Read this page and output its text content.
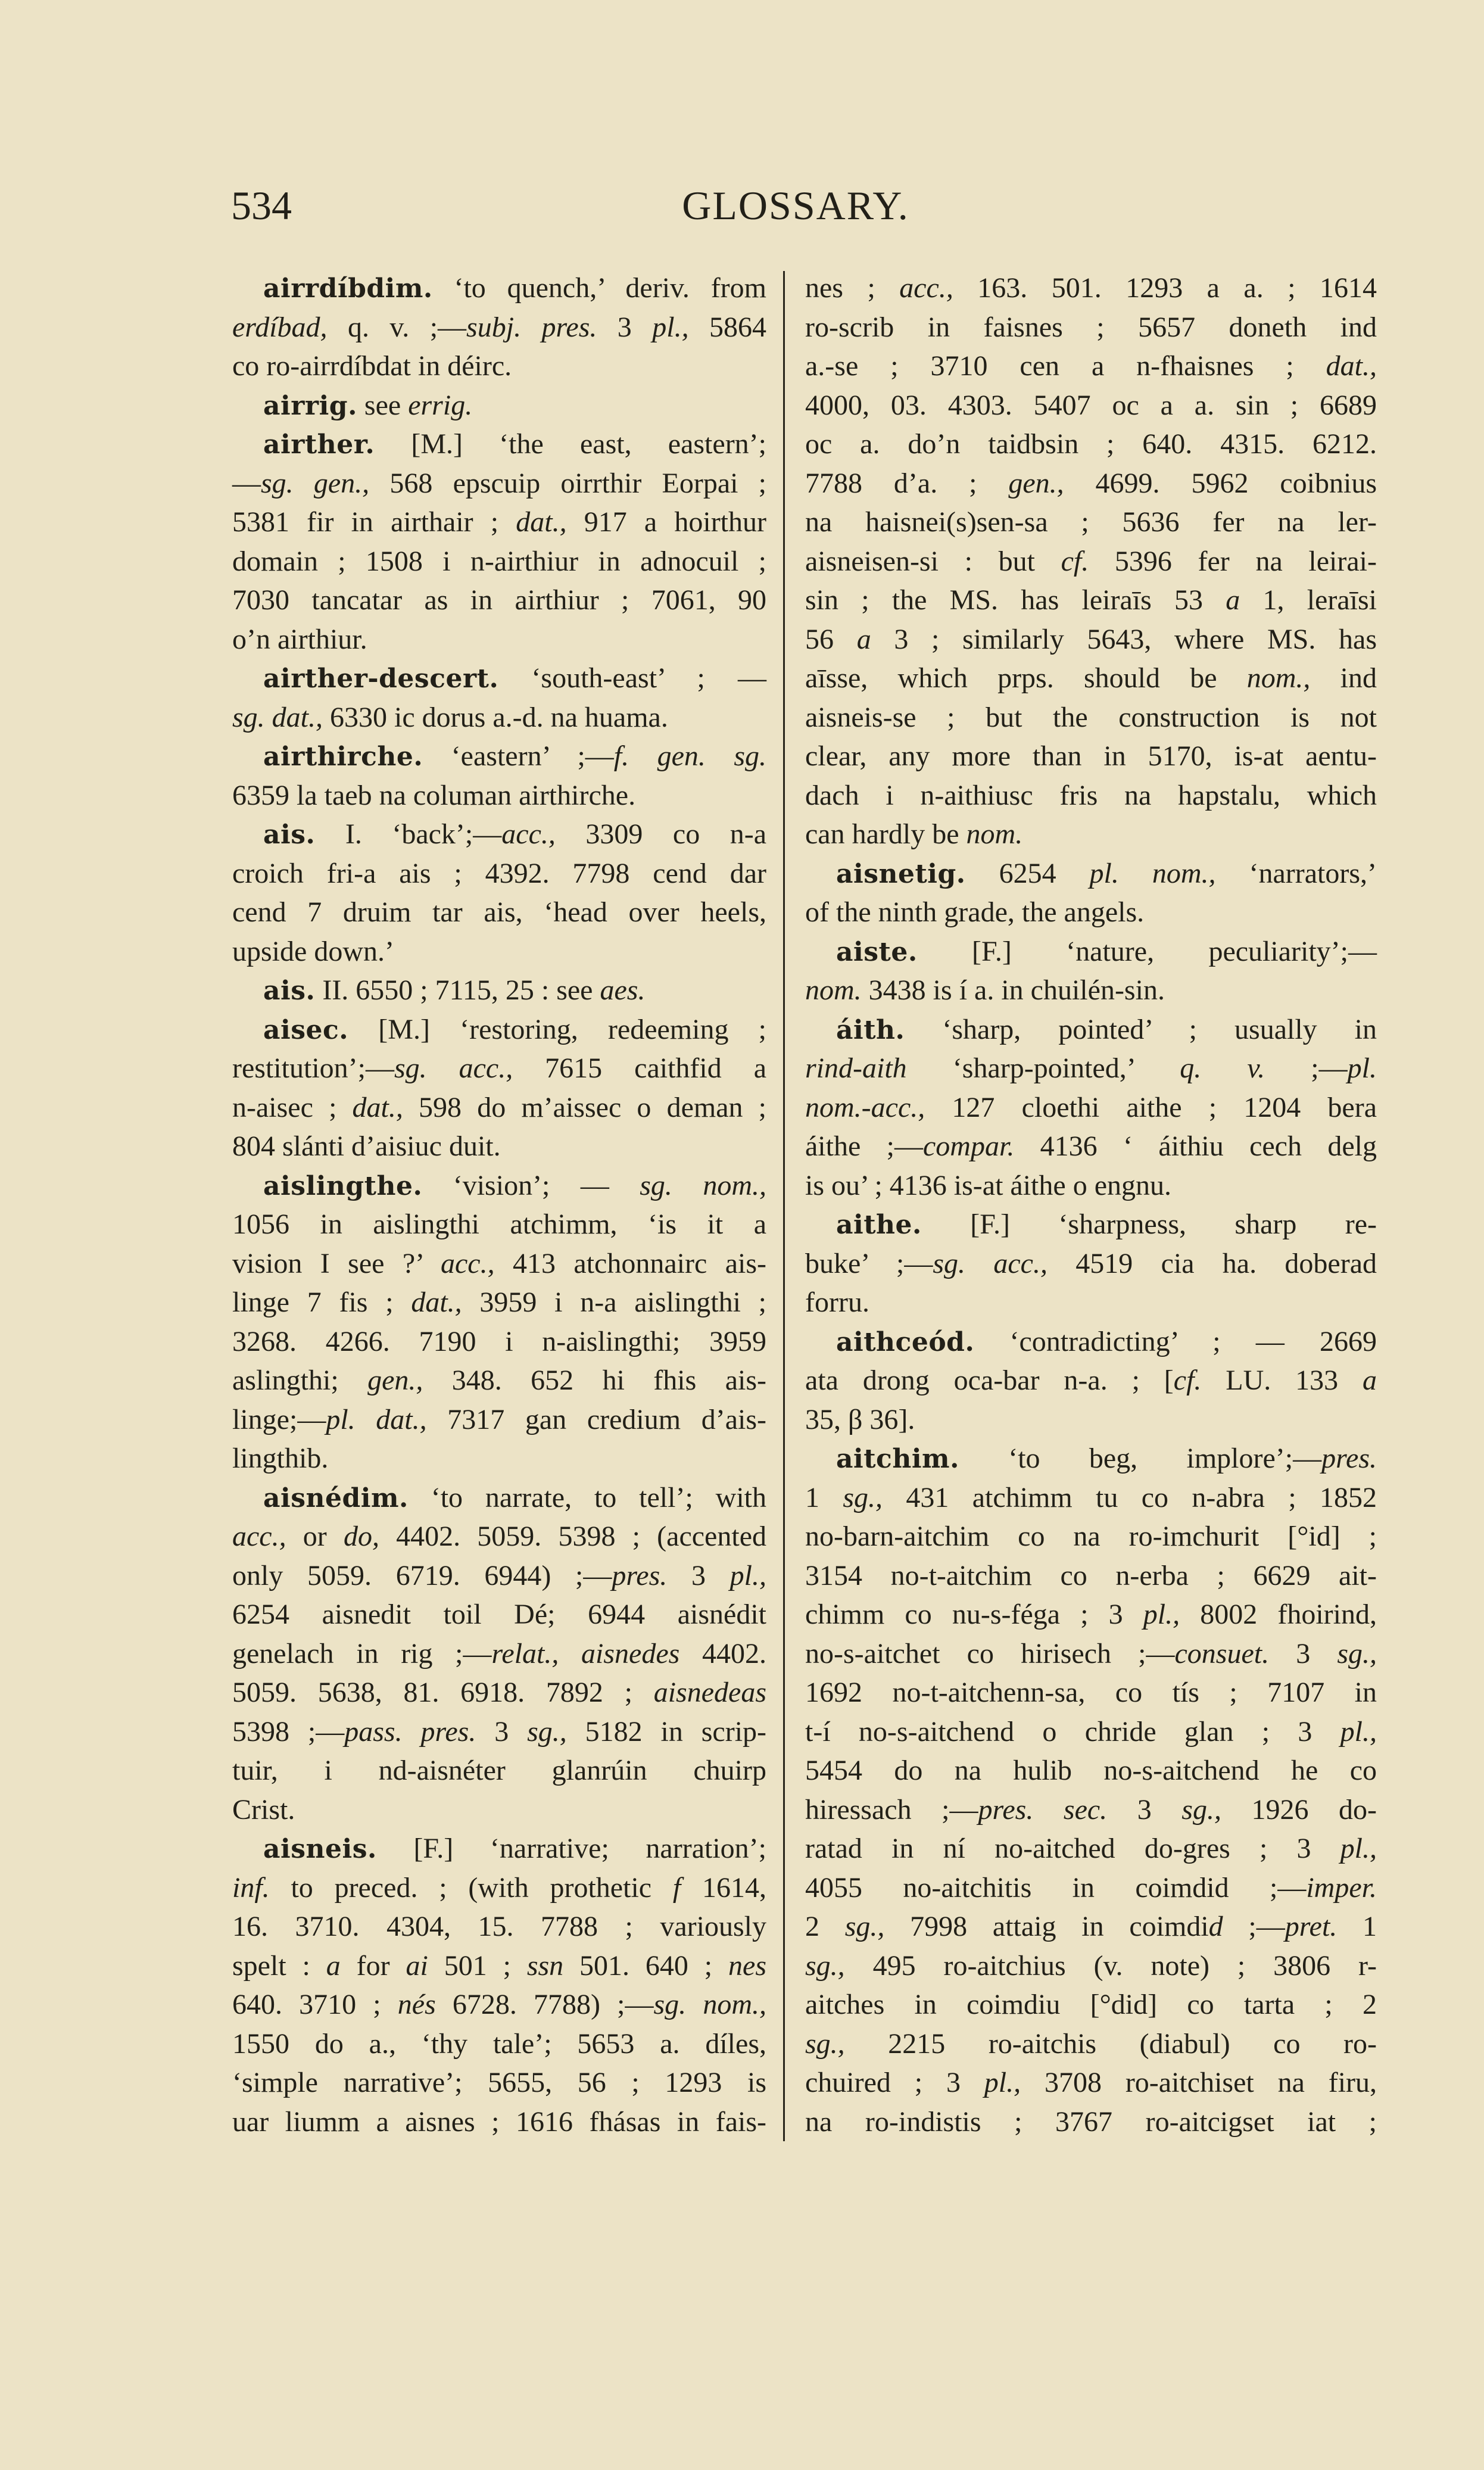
534	GLOSSARY.
airrdíbdim. ‘to quench,’ deriv. from
erdíbad, q. v. ;—subj. pres. 3 pl., 5864
co ro-airrdíbdat in déirc.
airrig. see errig.
airther. [M.] ‘the east, eastern’;
—sg. gen., 568 epscuip oirrthir Eorpai ;
5381 fir in airthair ; dat., 917 a hoirthur
domain ; 1508 i n-airthiur in adnocuil ;
7030 tancatar as in airthiur ; 7061, 90
o’n airthiur.
airther-descert. ‘south-east’ ; —
sg. dat., 6330 ic dorus a.-d. na huama.
airthirche. ‘eastern’ ;—f. gen. sg.
6359 la taeb na columan airthirche.
ais. I. ‘back’;—acc., 3309 co n-a
croich fri-a ais ; 4392. 7798 cend dar
cend 7 druim tar ais, ‘head over heels,
upside down.’
ais. II. 6550 ; 7115, 25 : see aes.
aisec. [M.] ‘restoring, redeeming ;
restitution’;—sg. acc., 7615 caithfid a
n-aisec ; dat., 598 do m’aissec o deman ;
804 slánti d’aisiuc duit.
aislingthe. ‘vision’; — sg. nom.,
1056 in aislingthi atchimm, ‘is it a
vision I see ?’ acc., 413 atchonnairc ais-
linge 7 fis ; dat., 3959 i n-a aislingthi ;
3268. 4266. 7190 i n-aislingthi; 3959
aslingthi; gen., 348. 652 hi fhis ais-
linge;—pl. dat., 7317 gan credium d’ais-
lingthib.
aisnédim. ‘to narrate, to tell’; with
acc., or do, 4402. 5059. 5398 ; (accented
only 5059. 6719. 6944) ;—pres. 3 pl.,
6254 aisnedit toil Dé; 6944 aisnédit
genelach in rig ;—relat., aisnedes 4402.
5059. 5638, 81. 6918. 7892 ; aisnedeas
5398 ;—pass. pres. 3 sg., 5182 in scrip-
tuir, i nd-aisnéter glanrúin chuirp
Crist.
aisneis. [F.] ‘narrative; narration’;
inf. to preced. ; (with prothetic f 1614,
16. 3710. 4304, 15. 7788 ; variously
spelt : a for ai 501 ; ssn 501. 640 ; nes
640. 3710 ; nés 6728. 7788) ;—sg. nom.,
1550 do a., ‘thy tale’; 5653 a. díles,
‘simple narrative’; 5655, 56 ; 1293 is
uar liumm a aisnes ; 1616 fhásas in fais-
nes ; acc., 163. 501. 1293 a a. ; 1614
ro-scrib in faisnes ; 5657 doneth ind
a.-se ; 3710 cen a n-fhaisnes ; dat.,
4000, 03. 4303. 5407 oc a a. sin ; 6689
oc a. do’n taidbsin ; 640. 4315. 6212.
7788 d’a. ; gen., 4699. 5962 coibnius
na haisnei(s)sen-sa ; 5636 fer na ler-
aisneisen-si : but cf. 5396 fer na leirai-
sin ; the MS. has leiraīs 53 a 1, leraīsi
56 a 3 ; similarly 5643, where MS. has
aīsse, which prps. should be nom., ind
aisneis-se ; but the construction is not
clear, any more than in 5170, is-at aentu-
dach i n-aithiusc fris na hapstalu, which
can hardly be nom.
aisnetig. 6254 pl. nom., ‘narrators,’
of the ninth grade, the angels.
aiste. [F.] ‘nature, peculiarity’;—
nom. 3438 is í a. in chuilén-sin.
áith. ‘sharp, pointed’ ; usually in
rind-aith ‘sharp-pointed,’ q. v. ;—pl.
nom.-acc., 127 cloethi aithe ; 1204 bera
áithe ;—compar. 4136 ‘ áithiu cech delg
is ou’ ; 4136 is-at áithe o engnu.
aithe. [F.] ‘sharpness, sharp re-
buke’ ;—sg. acc., 4519 cia ha. doberad
forru.
aithceód. ‘contradicting’ ; — 2669
ata drong oca-bar n-a. ; [cf. LU. 133 a
35, β 36].
aitchim. ‘to beg, implore’;—pres.
1 sg., 431 atchimm tu co n-abra ; 1852
no-barn-aitchim co na ro-imchurit [°id] ;
3154 no-t-aitchim co n-erba ; 6629 ait-
chimm co nu-s-féga ; 3 pl., 8002 fhoirind,
no-s-aitchet co hirisech ;—consuet. 3 sg.,
1692 no-t-aitchenn-sa, co tís ; 7107 in
t-í no-s-aitchend o chride glan ; 3 pl.,
5454 do na hulib no-s-aitchend he co
hiressach ;—pres. sec. 3 sg., 1926 do-
ratad in ní no-aitched do-gres ; 3 pl.,
4055 no-aitchitis in coimdid ;—imper.
2 sg., 7998 attaig in coimdid ;—pret. 1
sg., 495 ro-aitchius (v. note) ; 3806 r-
aitches in coimdiu [°did] co tarta ; 2
sg., 2215 ro-aitchis (diabul) co ro-
chuired ; 3 pl., 3708 ro-aitchiset na firu,
na ro-indistis ; 3767 ro-aitcigset iat ;
